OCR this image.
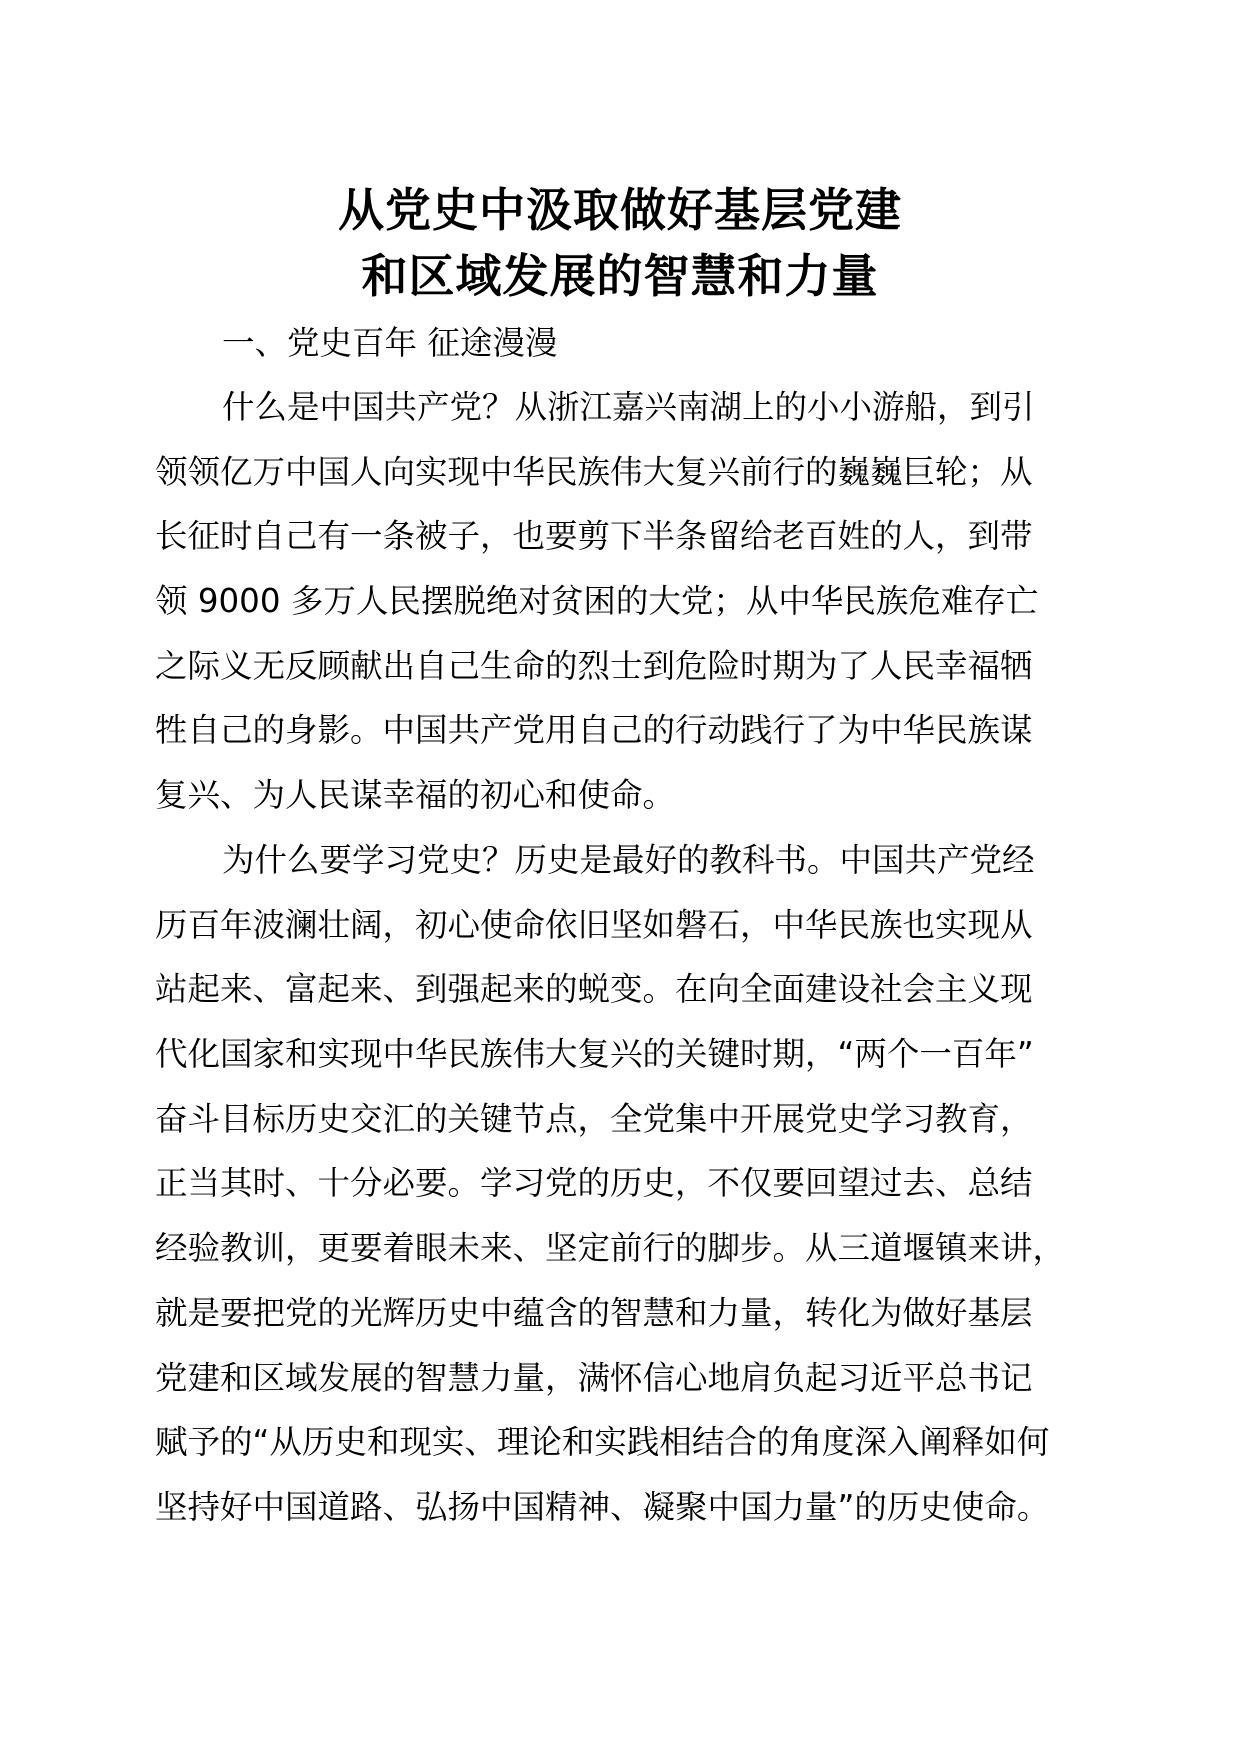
从党史中汲取做好基层党建
和区域发展的智慧和力量
一、党史百年 征途漫漫
什么是中国共产党？从浙江嘉兴南湖上的小小游船，到引
领领亿万中国人向实现中华民族伟大复兴前行的巍巍巨轮；从
长征时自己有一条被子，也要剪下半条留给老百姓的人，到带
领 9000 多万人民摆脱绝对贫困的大党；从中华民族危难存亡
之际义无反顾献出自己生命的烈士到危险时期为了人民幸福牺
牲自己的身影。中国共产党用自己的行动践行了为中华民族谋
复兴、为人民谋幸福的初心和使命。
为什么要学习党史？历史是最好的教科书。中国共产党经
历百年波澜壮阔，初心使命依旧坚如磐石，中华民族也实现从
站起来、富起来、到强起来的蜕变。在向全面建设社会主义现
代化国家和实现中华民族伟大复兴的关键时期，“两个一百年”
奋斗目标历史交汇的关键节点，全党集中开展党史学习教育，
正当其时、十分必要。学习党的历史，不仅要回望过去、总结
经验教训，更要着眼未来、坚定前行的脚步。从三道堰镇来讲，
就是要把党的光辉历史中蕴含的智慧和力量，转化为做好基层
党建和区域发展的智慧力量，满怀信心地肩负起习近平总书记
赋予的“从历史和现实、理论和实践相结合的角度深入阐释如何
坚持好中国道路、弘扬中国精神、凝聚中国力量”的历史使命。
